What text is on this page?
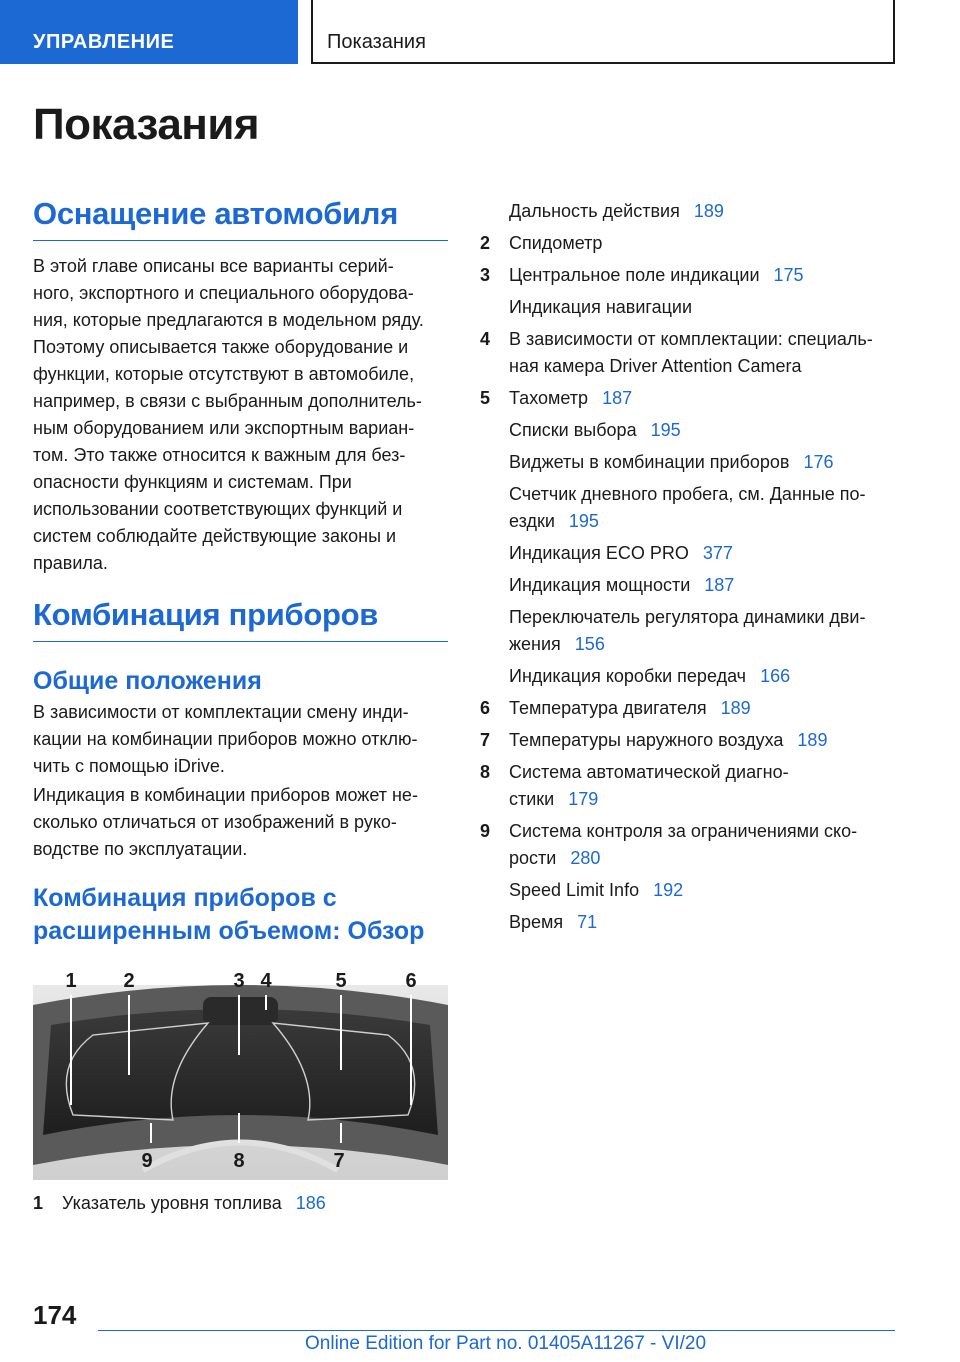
УПРАВЛЕНИЕ	Показания
Показания
Оснащение автомобиля
В этой главе описаны все варианты серий-
ного, экспортного и специального оборудова-
ния, которые предлагаются в модельном ряду.
Поэтому описывается также оборудование и
функции, которые отсутствуют в автомобиле,
например, в связи с выбранным дополнитель-
ным оборудованием или экспортным вариан-
том. Это также относится к важным для без-
опасности функциям и системам. При
использовании соответствующих функций и
систем соблюдайте действующие законы и
правила.
Комбинация приборов
Общие положения
В зависимости от комплектации смену инди-
кации на комбинации приборов можно отклю-
чить с помощью iDrive.
Индикация в комбинации приборов может не-
сколько отличаться от изображений в руко-
водстве по эксплуатации.
Комбинация приборов с
расширенным объемом: Обзор
1 2	3 4	5	6
9	8	7
1	Указатель уровня топлива 186
Дальность действия 189
2	Спидометр
3	Центральное поле индикации 175
Индикация навигации
4	В зависимости от комплектации: специаль-
ная камера Driver Attention Camera
5	Тахометр 187
Списки выбора 195
Виджеты в комбинации приборов 176
Счетчик дневного пробега, см. Данные по-
ездки 195
Индикация ECO PRO 377
Индикация мощности 187
Переключатель регулятора динамики дви-
жения 156
Индикация коробки передач 166
6	Температура двигателя 189
7	Температуры наружного воздуха 189
8	Система автоматической диагно-
стики 179
9	Система контроля за ограничениями ско-
рости 280
Speed Limit Info 192
Время 71
174
Online Edition for Part no. 01405A11267 - VI/20
